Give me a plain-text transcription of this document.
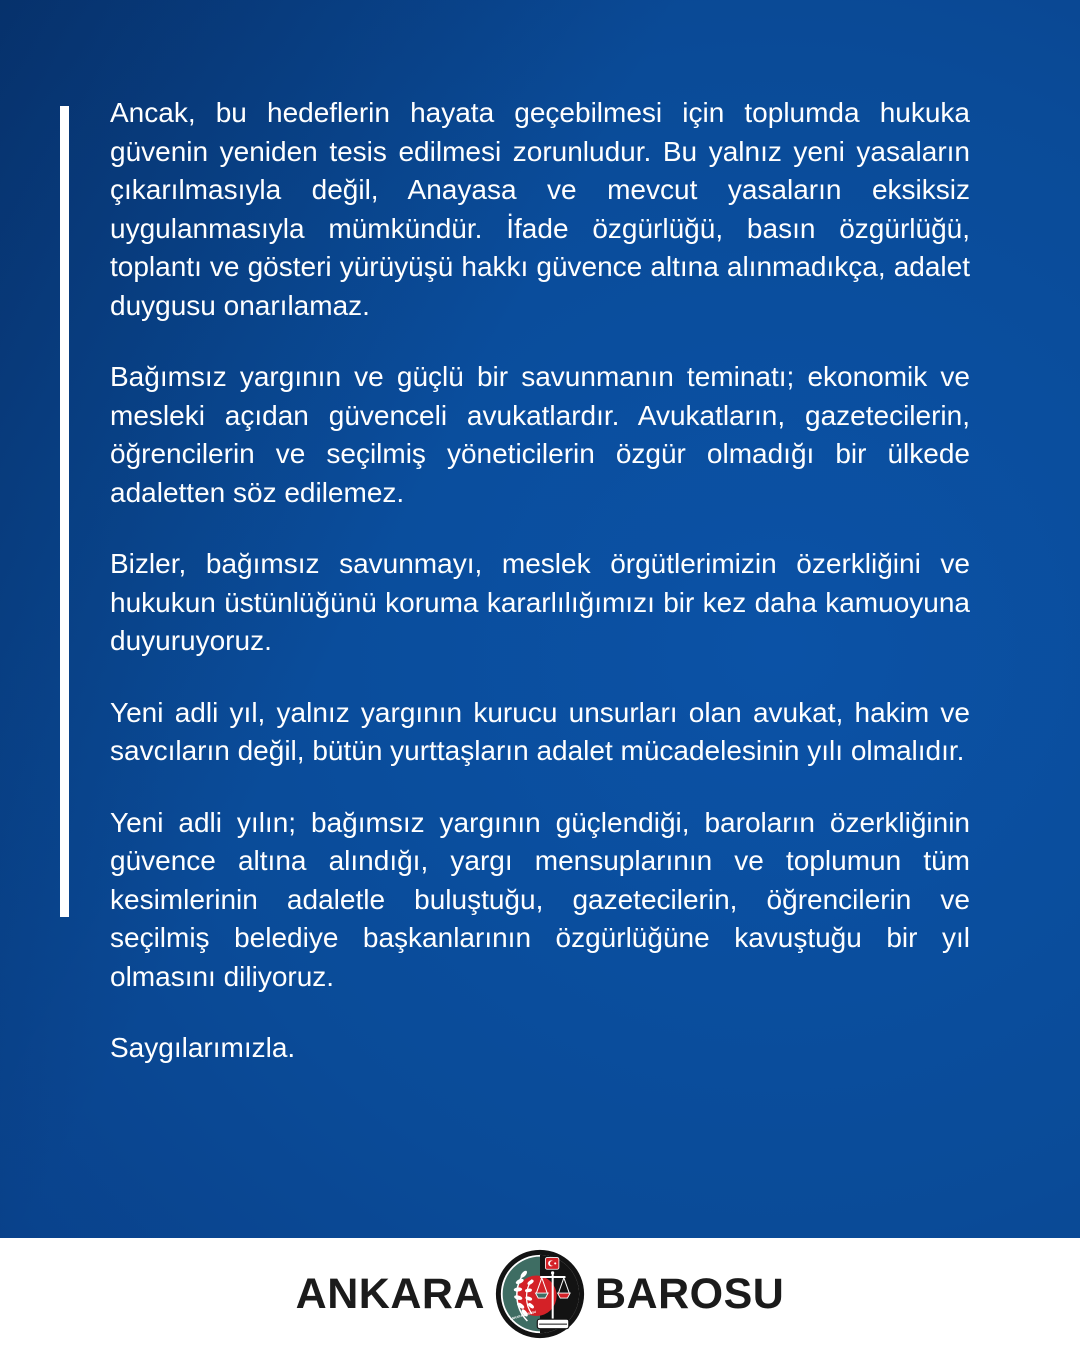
Ancak, bu hedeflerin hayata geçebilmesi için toplumda hukuka güvenin yeniden tesis edilmesi zorunludur. Bu yalnız yeni yasaların çıkarılmasıyla değil, Anayasa ve mevcut yasaların eksiksiz uygulanmasıyla mümkündür. İfade özgürlüğü, basın özgürlüğü, toplantı ve gösteri yürüyüşü hakkı güvence altına alınmadıkça, adalet duygusu onarılamaz.

Bağımsız yargının ve güçlü bir savunmanın teminatı; ekonomik ve mesleki açıdan güvenceli avukatlardır. Avukatların, gazetecilerin, öğrencilerin ve seçilmiş yöneticilerin özgür olmadığı bir ülkede adaletten söz edilemez.

Bizler, bağımsız savunmayı, meslek örgütlerimizin özerkliğini ve hukukun üstünlüğünü koruma kararlılığımızı bir kez daha kamuoyuna duyuruyoruz.

Yeni adli yıl, yalnız yargının kurucu unsurları olan avukat, hakim ve savcıların değil, bütün yurttaşların adalet mücadelesinin yılı olmalıdır.

Yeni adli yılın; bağımsız yargının güçlendiği, baroların özerkliğinin güvence altına alındığı, yargı mensuplarının ve toplumun tüm kesimlerinin adaletle buluştuğu, gazetecilerin, öğrencilerin ve seçilmiş belediye başkanlarının özgürlüğüne kavuştuğu bir yıl olmasını diliyoruz.

Saygılarımızla.

ANKARA	ANKARA BAROSU BAROSU
